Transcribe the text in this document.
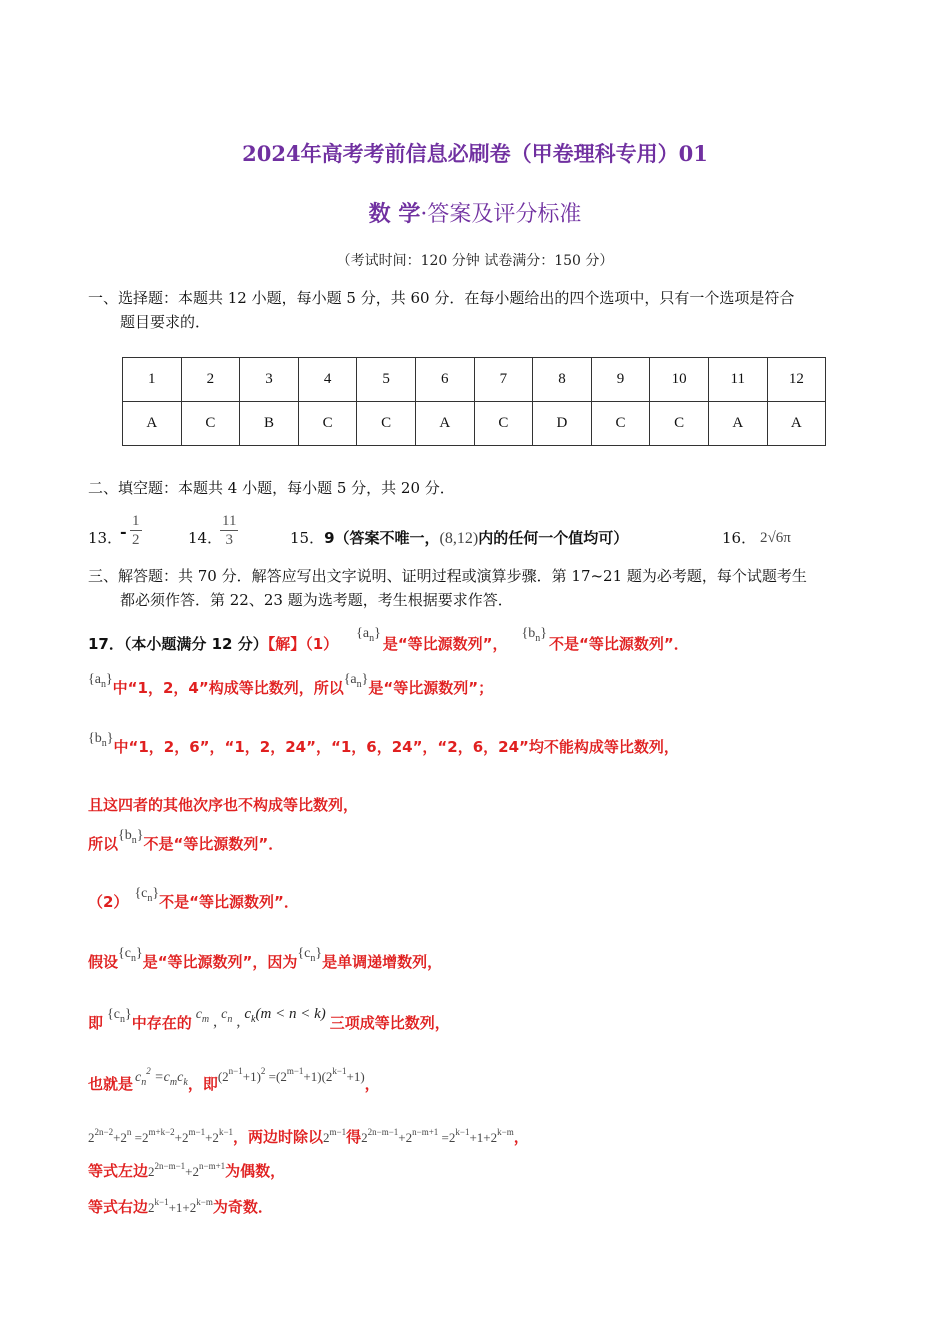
2024年高考考前信息必刷卷（甲卷理科专用）01
数 学·答案及评分标准
（考试时间：120 分钟 试卷满分：150 分）
一、选择题：本题共 12 小题，每小题 5 分，共 60 分．在每小题给出的四个选项中，只有一个选项是符合
题目要求的．
1	2	3	4	5	6	7	8	9	10	11	12
A	C	B	C	C	A	C	D	C	C	A	A
二、填空题：本题共 4 小题，每小题 5 分，共 20 分．
13．
- $\frac{1}{2}$	14．
$\frac{11}{3}$	15．9（答案不唯一，(8,12)内的任何一个值均可）	16． 2√6π
三、解答题：共 70 分．解答应写出文字说明、证明过程或演算步骤．第 17~21 题为必考题，每个试题考生
都必须作答．第 22、23 题为选考题，考生根据要求作答．
17．（本小题满分 12 分）【解】$(1)\{a_n\}$是“等比源数列”，$\{b_n\}$不是“等比源数列”．
$\{a_n\}$中“1，2，4”构成等比数列，所以$\{a_n\}$是“等比源数列”；
$\{b_n\}$中“1，2，6”，“1，2，24”，“1，6，24”，“2，6，24”均不能构成等比数列，
且这四者的其他次序也不构成等比数列，
所以$\{b_n\}$不是“等比源数列”．
（2） $\{c_n\}$不是“等比源数列”．
假设$\{c_n\}$是“等比源数列”，因为$\{c_n\}$是单调递增数列，
即 $\{c_n\}$中存在的 $c_m$ , $c_n$ , $c_k(m < n < k)$ 三项成等比数列，
也就是 $c_n^2 =c_mc_k$，即$^{(2^{n-1}+1)^2 =(2^{m-1}+1)(2^{k-1}+1)}$，
$2^{2n-2}+2^n =2^{m+k-2}+2^{m-1}+2^{k-1}$，两边时除以$2^{m-1}$得$2^{2n-m-1}+2^{n-m+1} =2^{k-1}+1+2^{k-m}$，
等式左边$2^{2n-m-1}+2^{n-m+1}$为偶数，
等式右边$2^{k-1}+1+2^{k-m}$为奇数．
